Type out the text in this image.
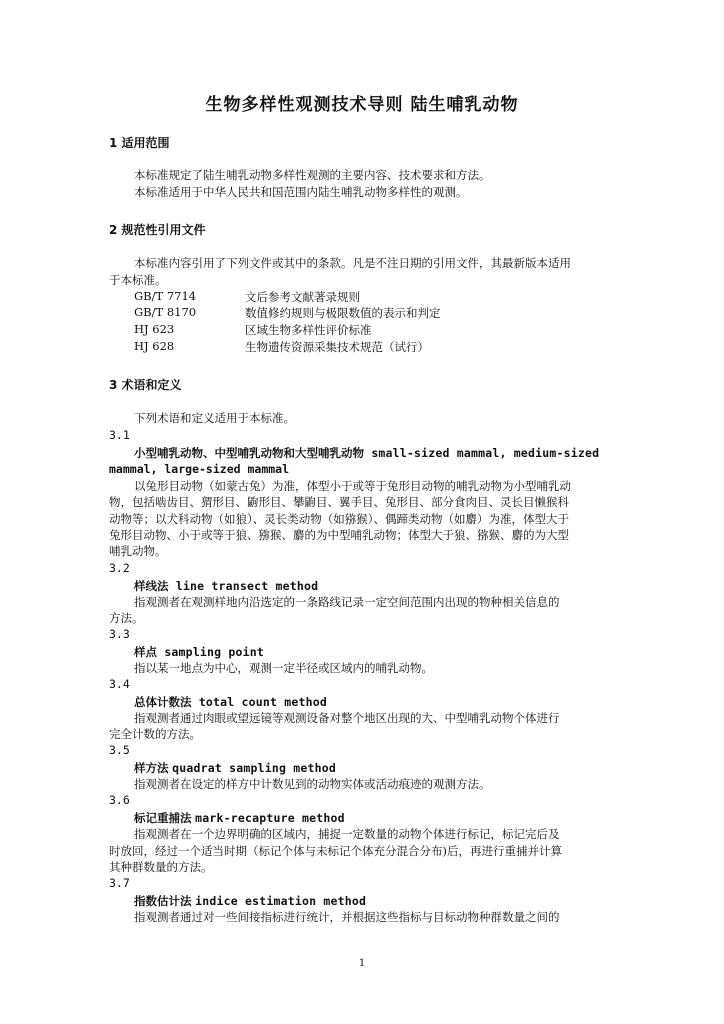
生物多样性观测技术导则 陆生哺乳动物
1 适用范围
本标准规定了陆生哺乳动物多样性观测的主要内容、技术要求和方法。
本标准适用于中华人民共和国范围内陆生哺乳动物多样性的观测。
2 规范性引用文件
本标准内容引用了下列文件或其中的条款。凡是不注日期的引用文件，其最新版本适用
于本标准。
GB/T 7714	文后参考文献著录规则
GB/T 8170	数值修约规则与极限数值的表示和判定
HJ 623	区域生物多样性评价标准
HJ 628	生物遗传资源采集技术规范（试行）
3 术语和定义
下列术语和定义适用于本标准。
3.1
小型哺乳动物、中型哺乳动物和大型哺乳动物 small-sized mammal, medium-sized
mammal, large-sized mammal
以兔形目动物（如蒙古兔）为准，体型小于或等于兔形目动物的哺乳动物为小型哺乳动
物，包括啮齿目、猬形目、鼩形目、攀鼩目、翼手目、兔形目、部分食肉目、灵长目懒猴科
动物等；以犬科动物（如狼）、灵长类动物（如猕猴）、偶蹄类动物（如麝）为准，体型大于
兔形目动物、小于或等于狼、猕猴、麝的为中型哺乳动物；体型大于狼、猕猴、麝的为大型
哺乳动物。
3.2
样线法 line transect method
指观测者在观测样地内沿选定的一条路线记录一定空间范围内出现的物种相关信息的
方法。
3.3
样点 sampling point
指以某一地点为中心，观测一定半径或区域内的哺乳动物。
3.4
总体计数法 total count method
指观测者通过肉眼或望远镜等观测设备对整个地区出现的大、中型哺乳动物个体进行
完全计数的方法。
3.5
样方法 quadrat sampling method
指观测者在设定的样方中计数见到的动物实体或活动痕迹的观测方法。
3.6
标记重捕法 mark-recapture method
指观测者在一个边界明确的区域内，捕捉一定数量的动物个体进行标记，标记完后及
时放回，经过一个适当时期（标记个体与未标记个体充分混合分布)后，再进行重捕并计算
其种群数量的方法。
3.7
指数估计法 indice estimation method
指观测者通过对一些间接指标进行统计，并根据这些指标与目标动物种群数量之间的
1
